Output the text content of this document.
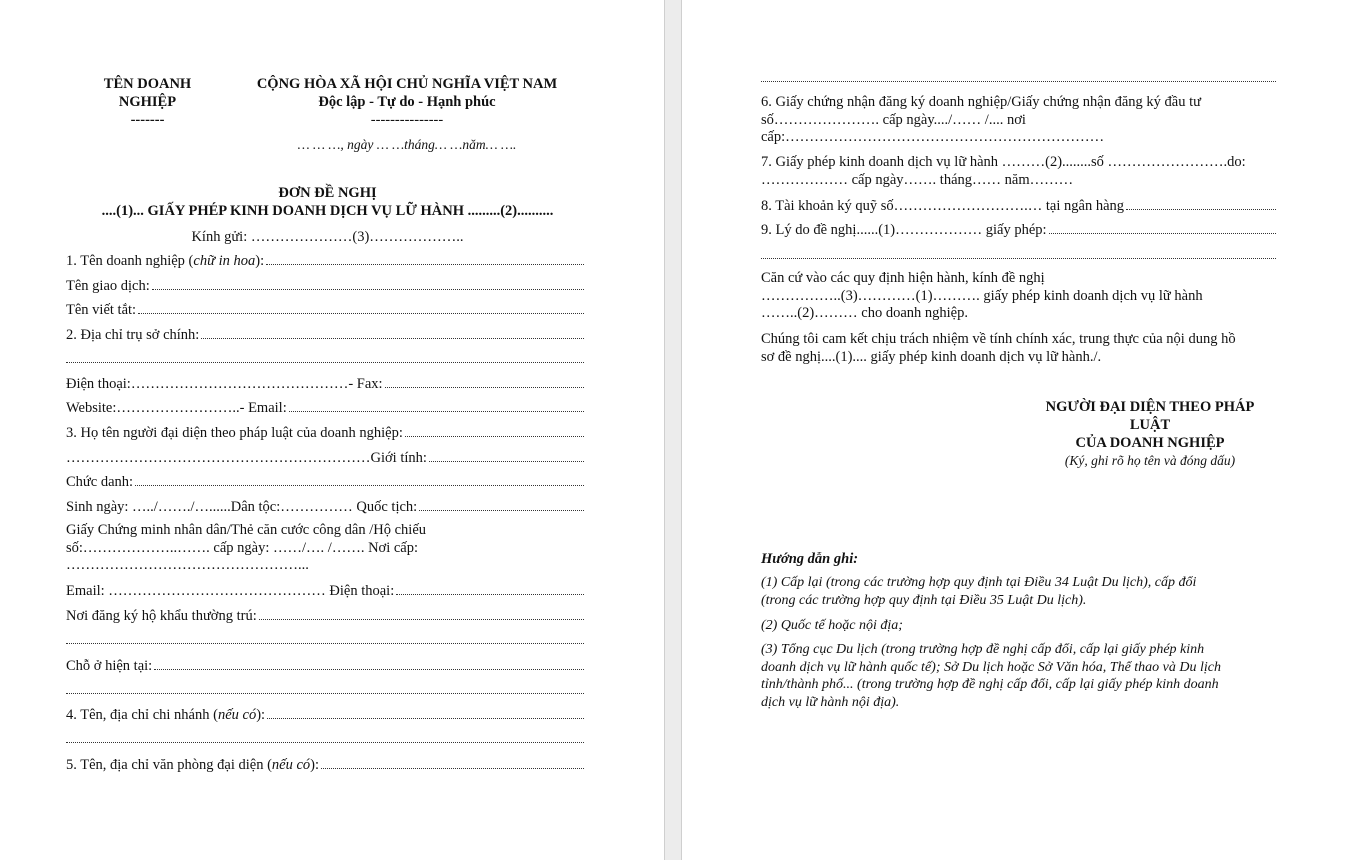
TÊN DOANH
NGHIỆP
-------
CỘNG HÒA XÃ HỘI CHỦ NGHĨA VIỆT NAM
Độc lập - Tự do - Hạnh phúc
---------------
… … …, ngày … …tháng… …năm… ….
ĐƠN ĐỀ NGHỊ
....(1)... GIẤY PHÉP KINH DOANH DỊCH VỤ LỮ HÀNH .........(2)..........
Kính gửi: …………………(3)………………..
1. Tên doanh nghiệp (chữ in hoa):
Tên giao dịch:
Tên viết tắt:
2. Địa chỉ trụ sở chính:
Điện thoại:………………………………………- Fax:
Website:……………………..- Email:
3. Họ tên người đại diện theo pháp luật của doanh nghiệp:
………………………………………………………Giới tính:
Chức danh:
Sinh ngày: …../……./…......Dân tộc:…………… Quốc tịch:
Giấy Chứng minh nhân dân/Thẻ căn cước công dân /Hộ chiếu
số:………………..……. cấp ngày: ……/…. /……. Nơi cấp:
…………………………………………...
Email: ……………………………………… Điện thoại:
Nơi đăng ký hộ khẩu thường trú:
Chỗ ở hiện tại:
4. Tên, địa chỉ chi nhánh (nếu có):
5. Tên, địa chỉ văn phòng đại diện (nếu có):
6. Giấy chứng nhận đăng ký doanh nghiệp/Giấy chứng nhận đăng ký đầu tư
số…………………. cấp ngày..../…… /.... nơi
cấp:…………………………………………………………
7. Giấy phép kinh doanh dịch vụ lữ hành ………(2)........số …………………….do:
……………… cấp ngày……. tháng…… năm………
8. Tài khoản ký quỹ số……………………….… tại ngân hàng
9. Lý do đề nghị......(1)……………… giấy phép:
Căn cứ vào các quy định hiện hành, kính đề nghị
……………..(3)…………(1)………. giấy phép kinh doanh dịch vụ lữ hành
……..(2)……… cho doanh nghiệp.
Chúng tôi cam kết chịu trách nhiệm về tính chính xác, trung thực của nội dung hồ
sơ đề nghị....(1).... giấy phép kinh doanh dịch vụ lữ hành./.
NGƯỜI ĐẠI DIỆN THEO PHÁP
LUẬT
CỦA DOANH NGHIỆP
(Ký, ghi rõ họ tên và đóng dấu)
Hướng dẫn ghi:
(1) Cấp lại (trong các trường hợp quy định tại Điều 34 Luật Du lịch), cấp đổi
(trong các trường hợp quy định tại Điều 35 Luật Du lịch).
(2) Quốc tế hoặc nội địa;
(3) Tổng cục Du lịch (trong trường hợp đề nghị cấp đổi, cấp lại giấy phép kinh
doanh dịch vụ lữ hành quốc tế); Sở Du lịch hoặc Sở Văn hóa, Thể thao và Du lịch
tỉnh/thành phố... (trong trường hợp đề nghị cấp đổi, cấp lại giấy phép kinh doanh
dịch vụ lữ hành nội địa).
